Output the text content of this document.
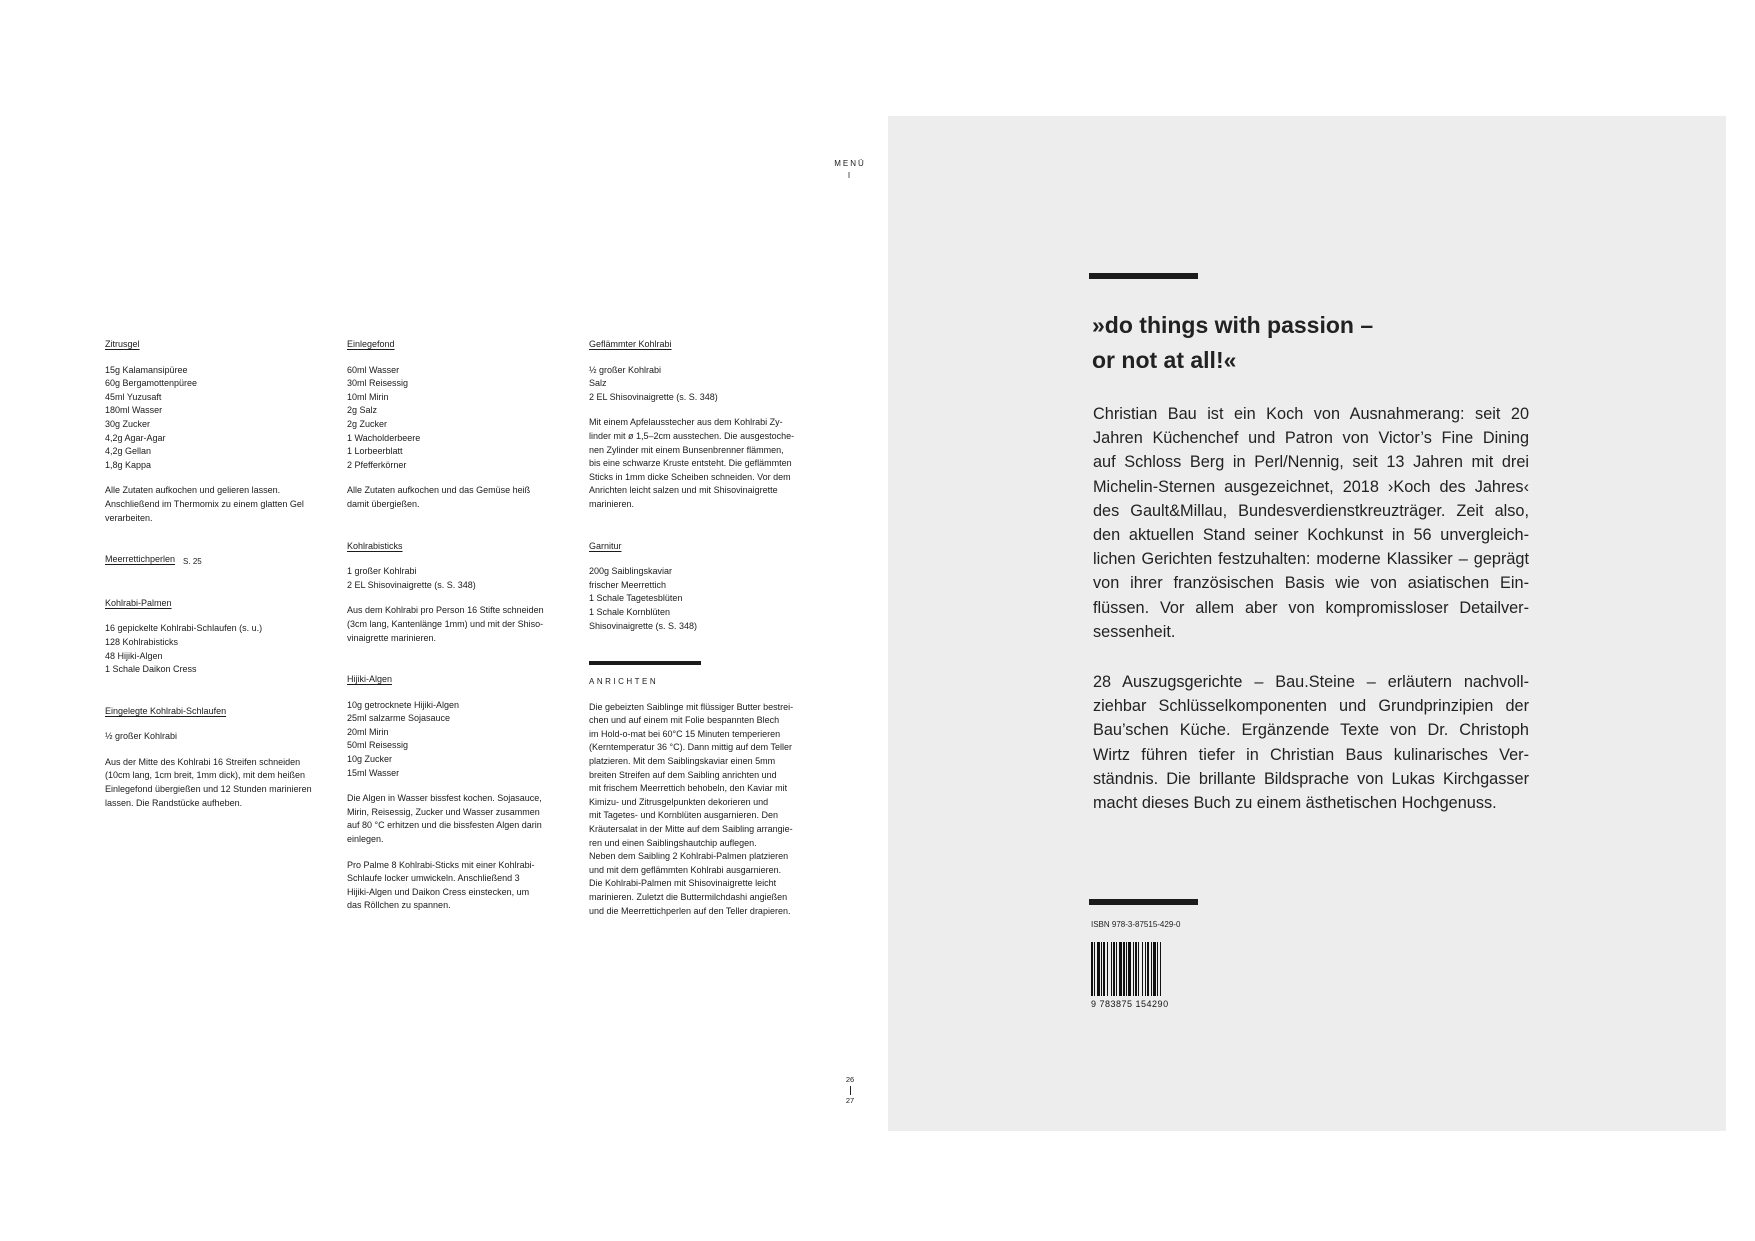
MENÜ
I

Zitrusgel

15g Kalamansipüree
60g Bergamottenpüree
45ml Yuzusaft
180ml Wasser
30g Zucker
4,2g Agar-Agar
4,2g Gellan
1,8g Kappa
Alle Zutaten aufkochen und gelieren lassen.
Anschließend im Thermomix zu einem glatten Gel
verarbeiten.

Meerrettichperlen S. 25

Kohlrabi-Palmen

16 gepickelte Kohlrabi-Schlaufen (s. u.)
128 Kohlrabisticks
48 Hijiki-Algen
1 Schale Daikon Cress

Eingelegte Kohlrabi-Schlaufen

½ großer Kohlrabi
Aus der Mitte des Kohlrabi 16 Streifen schneiden
(10cm lang, 1cm breit, 1mm dick), mit dem heißen
Einlegefond übergießen und 12 Stunden marinieren
lassen. Die Randstücke aufheben.

Einlegefond

60ml Wasser
30ml Reisessig
10ml Mirin
2g Salz
2g Zucker
1 Wacholderbeere
1 Lorbeerblatt
2 Pfefferkörner
Alle Zutaten aufkochen und das Gemüse heiß
damit übergießen.

Kohlrabisticks

1 großer Kohlrabi
2 EL Shisovinaigrette (s. S. 348)
Aus dem Kohlrabi pro Person 16 Stifte schneiden
(3cm lang, Kantenlänge 1mm) und mit der Shiso-
vinaigrette marinieren.

Hijiki-Algen

10g getrocknete Hijiki-Algen
25ml salzarme Sojasauce
20ml Mirin
50ml Reisessig
10g Zucker
15ml Wasser
Die Algen in Wasser bissfest kochen. Sojasauce,
Mirin, Reisessig, Zucker und Wasser zusammen
auf 80 °C erhitzen und die bissfesten Algen darin
einlegen.
Pro Palme 8 Kohlrabi-Sticks mit einer Kohlrabi-
Schlaufe locker umwickeln. Anschließend 3
Hijiki-Algen und Daikon Cress einstecken, um
das Röllchen zu spannen.

Geflämmter Kohlrabi

½ großer Kohlrabi
Salz
2 EL Shisovinaigrette (s. S. 348)
Mit einem Apfelausstecher aus dem Kohlrabi Zy-
linder mit ø 1,5–2cm ausstechen. Die ausgestoche-
nen Zylinder mit einem Bunsenbrenner flämmen,
bis eine schwarze Kruste entsteht. Die geflämmten
Sticks in 1mm dicke Scheiben schneiden. Vor dem
Anrichten leicht salzen und mit Shisovinaigrette
marinieren.

Garnitur

200g Saiblingskaviar
frischer Meerrettich
1 Schale Tagetesblüten
1 Schale Kornblüten
Shisovinaigrette (s. S. 348)
ANRICHTEN
Die gebeizten Saiblinge mit flüssiger Butter bestrei-
chen und auf einem mit Folie bespannten Blech
im Hold-o-mat bei 60°C 15 Minuten temperieren
(Kerntemperatur 36 °C). Dann mittig auf dem Teller
platzieren. Mit dem Saiblingskaviar einen 5mm
breiten Streifen auf dem Saibling anrichten und
mit frischem Meerrettich behobeln, den Kaviar mit
Kimizu- und Zitrusgelpunkten dekorieren und
mit Tagetes- und Kornblüten ausgarnieren. Den
Kräutersalat in der Mitte auf dem Saibling arrangie-
ren und einen Saiblingshautchip auflegen.
Neben dem Saibling 2 Kohlrabi-Palmen platzieren
und mit dem geflämmten Kohlrabi ausgarnieren.
Die Kohlrabi-Palmen mit Shisovinaigrette leicht
marinieren. Zuletzt die Buttermilchdashi angießen
und die Meerrettichperlen auf den Teller drapieren.
26
27
»do things with passion –
or not at all!«
Christian Bau ist ein Koch von Ausnahmerang: seit 20
Jahren Küchenchef und Patron von Victor’s Fine Dining
auf Schloss Berg in Perl/Nennig, seit 13 Jahren mit drei
Michelin-Sternen ausgezeichnet, 2018 ›Koch des Jahres‹
des Gault&Millau, Bundesverdienstkreuzträger. Zeit also,
den aktuellen Stand seiner Kochkunst in 56 unvergleich-
lichen Gerichten festzuhalten: moderne Klassiker – geprägt
von ihrer französischen Basis wie von asiatischen Ein-
flüssen. Vor allem aber von kompromissloser Detailver-
sessenheit.
28 Auszugsgerichte – Bau.Steine – erläutern nachvoll-
ziehbar Schlüsselkomponenten und Grundprinzipien der
Bau’schen Küche. Ergänzende Texte von Dr. Christoph
Wirtz führen tiefer in Christian Baus kulinarisches Ver-
ständnis. Die brillante Bildsprache von Lukas Kirchgasser
macht dieses Buch zu einem ästhetischen Hochgenuss.
ISBN 978-3-87515-429-0
9 783875 154290
